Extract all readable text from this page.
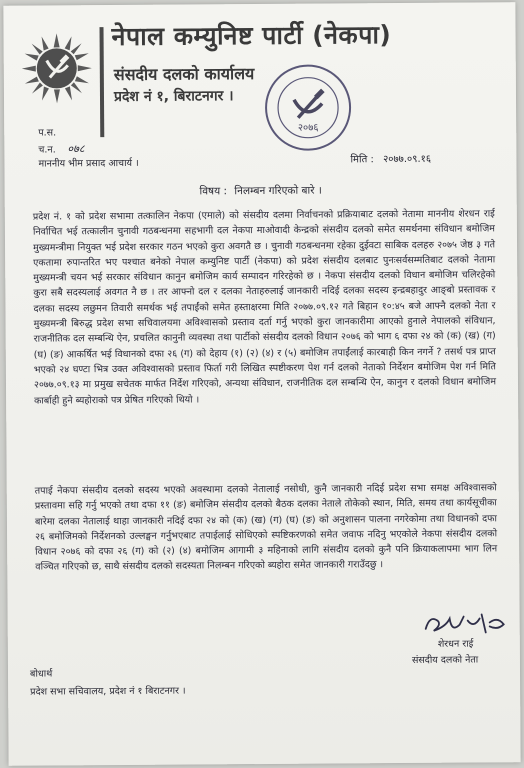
नेपाल कम्युनिष्ट पार्टी (नेकपा)
संसदीय दलको कार्यालय
प्रदेश नं १, बिराटनगर ।
२०७६
प.स.
च.न. ०७८
माननीय भीम प्रसाद आचार्य ।	मिति : २०७७.०९.१६
विषय : निलम्बन गरिएको बारे ।
प्रदेश नं. १ को प्रदेश सभामा तत्कालिन नेकपा (एमाले) को संसदीय दलमा निर्वाचनको प्रक्रियाबाट दलको नेतामा माननीय शेरधन राई निर्वाचित भई तत्कालीन चुनावी गठबन्धनमा सहभागी दल नेकपा माओवादी केन्द्रको संसदीय दलको समेत समर्थनमा संविधान बमोजिम मुख्यमन्त्रीमा नियुक्त भई प्रदेश सरकार गठन भएको कुरा अवगतै छ । चुनावी गठबन्धनमा रहेका दुईवटा साबिक दलहरु २०७५ जेष्ठ ३ गते एकतामा रुपान्तरित भए पश्चात बनेको नेपाल कम्युनिष्ट पार्टी (नेकपा) को प्रदेश संसदीय दलबाट पुनःसर्वसम्मतिबाट दलको नेतामा मुख्यमन्त्री चयन भई सरकार संविधान कानुन बमोजिम कार्य सम्पादन गरिरहेको छ । नेकपा संसदीय दलको विधान बमोजिम चलिरहेको कुरा सबै सदस्यलाई अवगत नै छ । तर आफ्नो दल र दलका नेताहरुलाई जानकारी नदिई दलका सदस्य इन्द्रबहादुर आङ्बो प्रस्तावक र दलका सदस्य लछुमन तिवारी समर्थक भई तपाईंको समेत हस्ताक्षरमा मिति २०७७.०९.१२ गते बिहान १०:४५ बजे आफ्नै दलको नेता र मुख्यमन्त्री बिरुद्ध प्रदेश सभा सचिवालयमा अविश्वासको प्रस्ताव दर्ता गर्नु भएको कुरा जानकारीमा आएको हुनाले नेपालको संविधान, राजनीतिक दल सम्बन्धि ऐन, प्रचलित कानुनी व्यवस्था तथा पार्टीको संसदीय दलको विधान २०७६ को भाग ६ दफा २४ को (क) (ख) (ग) (घ) (ङ) आकर्षित भई विधानको दफा २६ (ग) को देहाय (१) (२) (४) र (५) बमोजिम तपाईंलाई कारबाही किन नगर्ने ? तसर्थ पत्र प्राप्त भएको २४ घण्टा भित्र उक्त अविश्वासको प्रस्ताव फिर्ता गरी लिखित स्पष्टीकरण पेश गर्न दलको नेताको निर्देशन बमोजिम पेश गर्न मिति २०७७.०९.१३ मा प्रमुख सचेतक मार्फत निर्देश गरिएको, अन्यथा संविधान, राजनीतिक दल सम्बन्धि ऐन, कानुन र दलको विधान बमोजिम कार्बाही हुने ब्यहोराको पत्र प्रेषित गरिएको थियो ।
तपाई नेकपा संसदीय दलको सदस्य भएको अवस्थामा दलको नेतालाई नसोधी, कुनै जानकारी नदिई प्रदेश सभा समक्ष अविश्वासको प्रस्तावमा सहि गर्नु भएको तथा दफा ११ (ङ) बमोजिम संसदीय दलको बैठक दलका नेताले तोकेको स्थान, मिति, समय तथा कार्यसूचीका बारेमा दलका नेतालाई थाहा जानकारी नदिई दफा २४ को (क) (ख) (ग) (घ) (ङ) को अनुशासन पालना नगरेकोमा तथा विधानको दफा २६ बमोजिमको निर्देशनको उल्लङ्घन गर्नुभएबाट तपाईलाई सोधिएको स्पष्टिकरणको समेत जवाफ नदिनु भएकोले नेकपा संसदीय दलको विधान २०७६ को दफा २६ (ग) को (२) (४) बमोजिम आगामी ३ महिनाको लागि संसदीय दलको कुनै पनि क्रियाकलापमा भाग लिन वञ्चित गरिएको छ, साथै संसदीय दलको सदस्यता निलम्बन गरिएको ब्यहोरा समेत जानकारी गराउँदछु ।
शेरधन राई
संसदीय दलको नेता
बोधार्थ
प्रदेश सभा सचिवालय, प्रदेश नं १ बिराटनगर ।
